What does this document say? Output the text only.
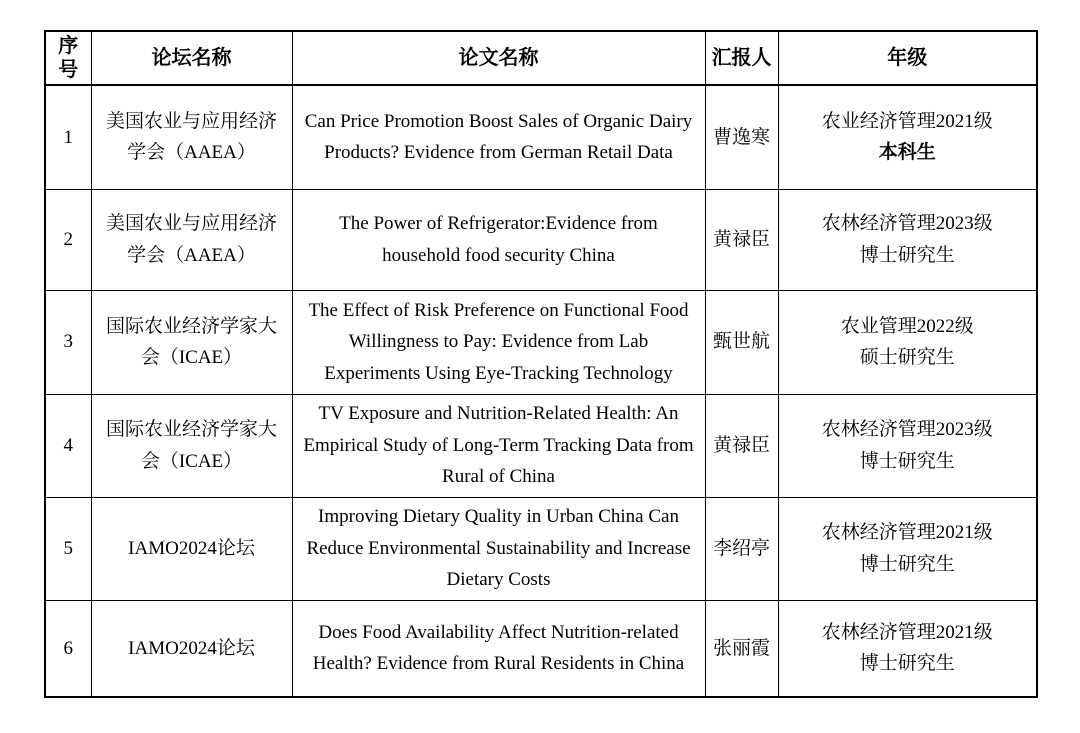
序号	论坛名称	论文名称	汇报人	年级
1	美国农业与应用经济学会（AAEA）	Can Price Promotion Boost Sales of Organic Dairy Products? Evidence from German Retail Data	曹逸寒	农业经济管理2021级
本科生

2	美国农业与应用经济学会（AAEA）	The Power of Refrigerator:Evidence from household food security China	黄禄臣	农林经济管理2023级
博士研究生

3	国际农业经济学家大会（ICAE）	The Effect of Risk Preference on Functional Food Willingness to Pay: Evidence from Lab Experiments Using Eye-Tracking Technology	甄世航	农业管理2022级
硕士研究生

4	国际农业经济学家大会（ICAE）	TV Exposure and Nutrition-Related Health: An Empirical Study of Long-Term Tracking Data from Rural of China	黄禄臣	农林经济管理2023级
博士研究生

5	IAMO2024论坛	Improving Dietary Quality in Urban China Can Reduce Environmental Sustainability and Increase Dietary Costs	李绍亭	农林经济管理2021级
博士研究生

6	IAMO2024论坛	Does Food Availability Affect Nutrition-related Health? Evidence from Rural Residents in China	张丽霞	农林经济管理2021级
博士研究生
